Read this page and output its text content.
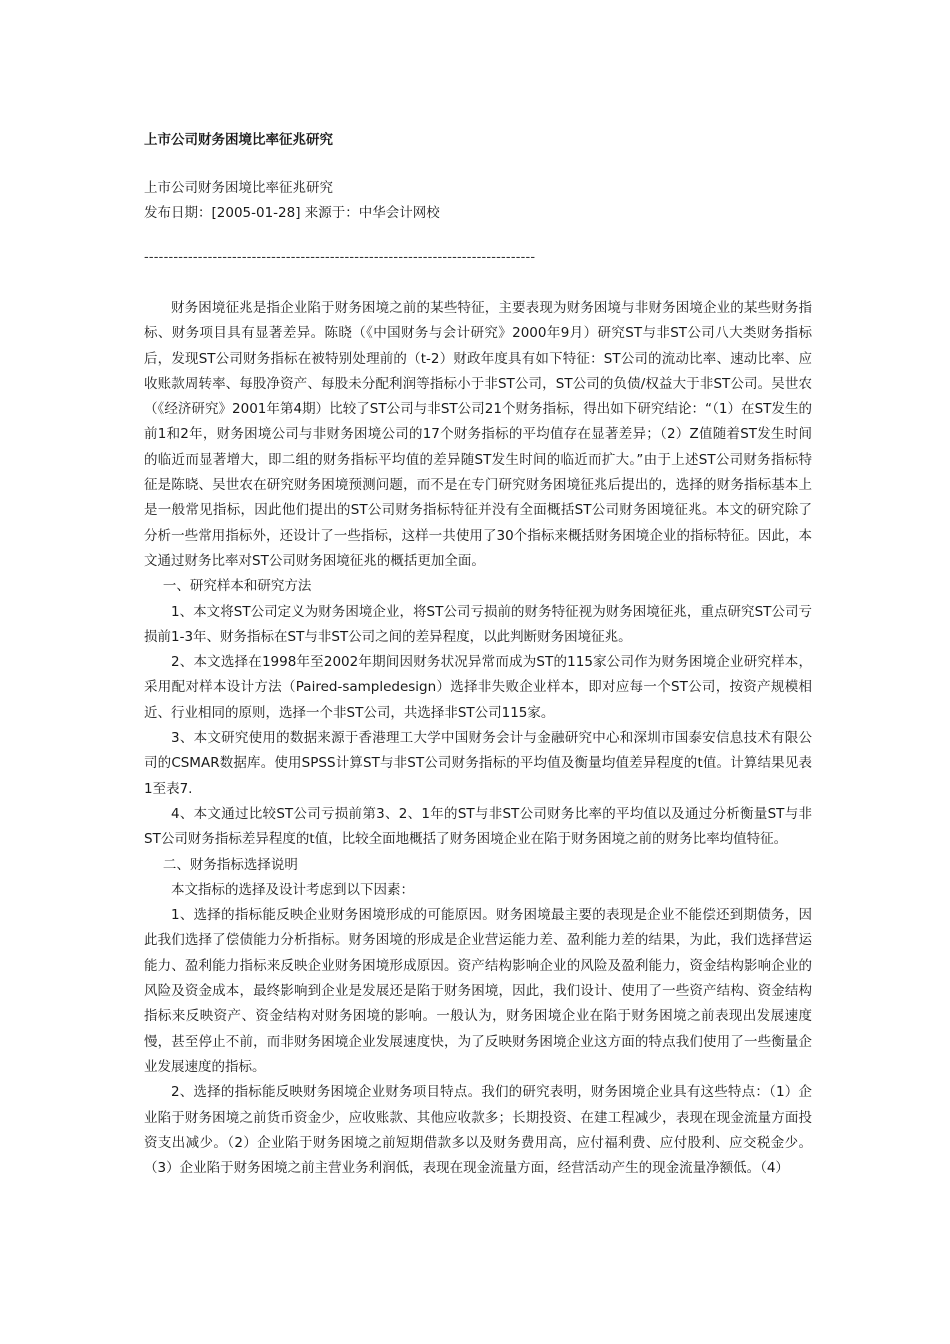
上市公司财务困境比率征兆研究
上市公司财务困境比率征兆研究
发布日期：[2005-01-28] 来源于：中华会计网校
--------------------------------------------------------------------------------

财务困境征兆是指企业陷于财务困境之前的某些特征，主要表现为财务困境与非财务困境企业的某些财务指标、财务项目具有显著差异。陈晓（《中国财务与会计研究》2000年9月）研究ST与非ST公司八大类财务指标后，发现ST公司财务指标在被特别处理前的（t-2）财政年度具有如下特征：ST公司的流动比率、速动比率、应收账款周转率、每股净资产、每股未分配利润等指标小于非ST公司，ST公司的负债/权益大于非ST公司。吴世农（《经济研究》2001年第4期）比较了ST公司与非ST公司21个财务指标，得出如下研究结论：“（1）在ST发生的前1和2年，财务困境公司与非财务困境公司的17个财务指标的平均值存在显著差异；（2）Z值随着ST发生时间的临近而显著增大，即二组的财务指标平均值的差异随ST发生时间的临近而扩大。”由于上述ST公司财务指标特征是陈晓、吴世农在研究财务困境预测问题，而不是在专门研究财务困境征兆后提出的，选择的财务指标基本上是一般常见指标，因此他们提出的ST公司财务指标特征并没有全面概括ST公司财务困境征兆。本文的研究除了分析一些常用指标外，还设计了一些指标，这样一共使用了30个指标来概括财务困境企业的指标特征。因此，本文通过财务比率对ST公司财务困境征兆的概括更加全面。

一、研究样本和研究方法

1、本文将ST公司定义为财务困境企业，将ST公司亏损前的财务特征视为财务困境征兆，重点研究ST公司亏损前1-3年、财务指标在ST与非ST公司之间的差异程度，以此判断财务困境征兆。

2、本文选择在1998年至2002年期间因财务状况异常而成为ST的115家公司作为财务困境企业研究样本，采用配对样本设计方法（Paired-sampledesign）选择非失败企业样本，即对应每一个ST公司，按资产规模相近、行业相同的原则，选择一个非ST公司，共选择非ST公司115家。

3、本文研究使用的数据来源于香港理工大学中国财务会计与金融研究中心和深圳市国泰安信息技术有限公司的CSMAR数据库。使用SPSS计算ST与非ST公司财务指标的平均值及衡量均值差异程度的t值。计算结果见表1至表7.

4、本文通过比较ST公司亏损前第3、2、1年的ST与非ST公司财务比率的平均值以及通过分析衡量ST与非ST公司财务指标差异程度的t值，比较全面地概括了财务困境企业在陷于财务困境之前的财务比率均值特征。

二、财务指标选择说明

本文指标的选择及设计考虑到以下因素：

1、选择的指标能反映企业财务困境形成的可能原因。财务困境最主要的表现是企业不能偿还到期债务，因此我们选择了偿债能力分析指标。财务困境的形成是企业营运能力差、盈利能力差的结果，为此，我们选择营运能力、盈利能力指标来反映企业财务困境形成原因。资产结构影响企业的风险及盈利能力，资金结构影响企业的风险及资金成本，最终影响到企业是发展还是陷于财务困境，因此，我们设计、使用了一些资产结构、资金结构指标来反映资产、资金结构对财务困境的影响。一般认为，财务困境企业在陷于财务困境之前表现出发展速度慢，甚至停止不前，而非财务困境企业发展速度快，为了反映财务困境企业这方面的特点我们使用了一些衡量企业发展速度的指标。

2、选择的指标能反映财务困境企业财务项目特点。我们的研究表明，财务困境企业具有这些特点：（1）企业陷于财务困境之前货币资金少，应收账款、其他应收款多；长期投资、在建工程减少，表现在现金流量方面投资支出减少。（2）企业陷于财务困境之前短期借款多以及财务费用高，应付福利费、应付股利、应交税金少。（3）企业陷于财务困境之前主营业务利润低，表现在现金流量方面，经营活动产生的现金流量净额低。（4）
